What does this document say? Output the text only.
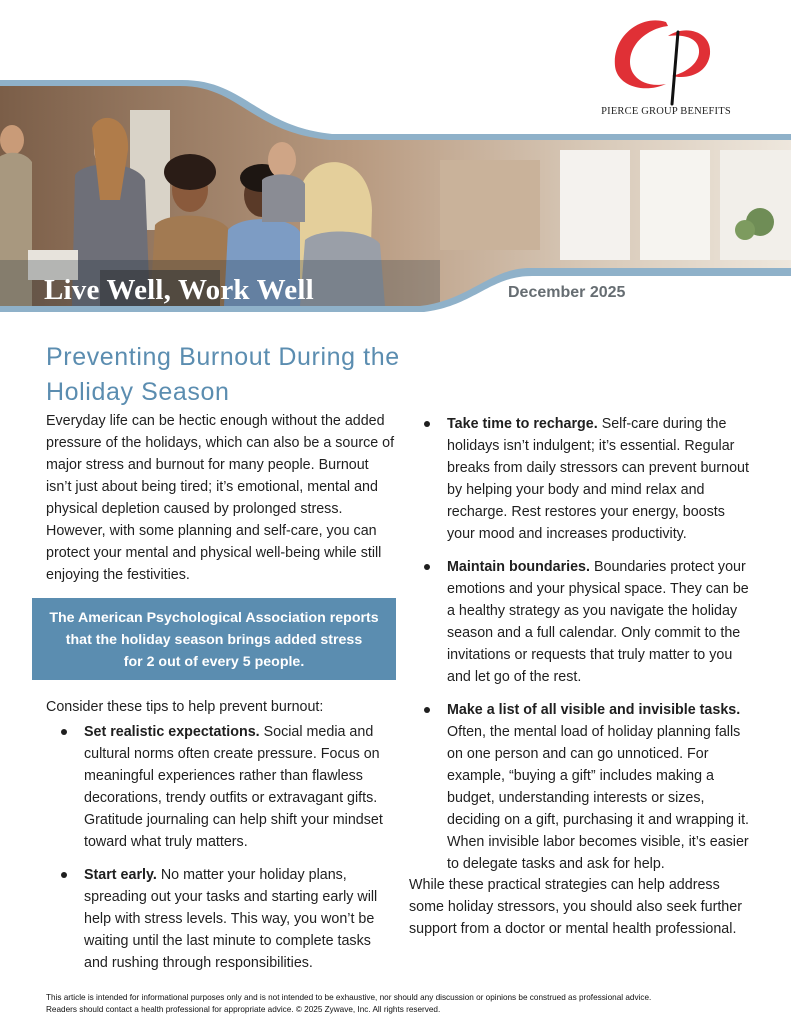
PIERCE GROUP BENEFITS
Live Well, Work Well	December 2025

Preventing Burnout During the Holiday Season

Everyday life can be hectic enough without the added pressure of the holidays, which can also be a source of major stress and burnout for many people. Burnout isn’t just about being tired; it’s emotional, mental and physical depletion caused by prolonged stress. However, with some planning and self-care, you can protect your mental and physical well-being while still enjoying the festivities.

The American Psychological Association reports
that the holiday season brings added stress
for 2 out of every 5 people.

Consider these tips to help prevent burnout:

Set realistic expectations. Social media and cultural norms often create pressure. Focus on meaningful experiences rather than flawless decorations, trendy outfits or extravagant gifts. Gratitude journaling can help shift your mindset toward what truly matters.
Start early. No matter your holiday plans, spreading out your tasks and starting early will help with stress levels. This way, you won’t be waiting until the last minute to complete tasks and rushing through responsibilities.
Take time to recharge. Self-care during the holidays isn’t indulgent; it’s essential. Regular breaks from daily stressors can prevent burnout by helping your body and mind relax and recharge. Rest restores your energy, boosts your mood and increases productivity.
Maintain boundaries. Boundaries protect your emotions and your physical space. They can be a healthy strategy as you navigate the holiday season and a full calendar. Only commit to the invitations or requests that truly matter to you and let go of the rest.
Make a list of all visible and invisible tasks. Often, the mental load of holiday planning falls on one person and can go unnoticed. For example, “buying a gift” includes making a budget, understanding interests or sizes, deciding on a gift, purchasing it and wrapping it. When invisible labor becomes visible, it’s easier to delegate tasks and ask for help.

While these practical strategies can help address some holiday stressors, you should also seek further support from a doctor or mental health professional.

This article is intended for informational purposes only and is not intended to be exhaustive, nor should any discussion or opinions be construed as professional advice.
Readers should contact a health professional for appropriate advice. © 2025 Zywave, Inc. All rights reserved.
